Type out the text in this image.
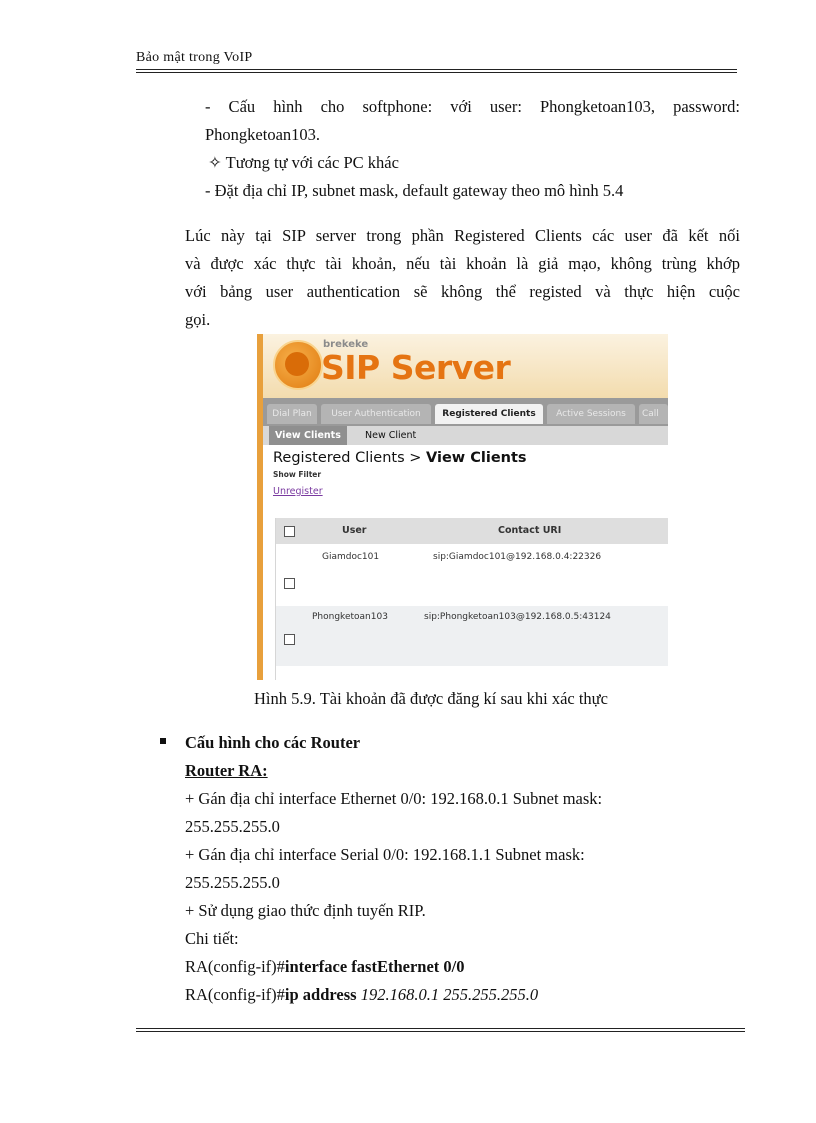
Bảo mật trong VoIP

- Cấu hình cho softphone: với user: Phongketoan103, password:

Phongketoan103.

✧ Tương tự với các PC khác

- Đặt địa chỉ IP, subnet mask, default gateway theo mô hình 5.4

Lúc này tại SIP server trong phần Registered Clients các user đã kết nối

và được xác thực tài khoản, nếu tài khoản là giả mạo, không trùng khớp

với bảng user authentication sẽ không thể registed và thực hiện cuộc

gọi.

brekeke
SIP Server
Dial Plan	User Authentication	Registered Clients	Active Sessions	Call
View Clients	New Client
Registered Clients > View Clients
Show Filter
Unregister
User	Contact URI
Giamdoc101	sip:Giamdoc101@192.168.0.4:22326
Phongketoan103	sip:Phongketoan103@192.168.0.5:43124

Hình 5.9. Tài khoản đã được đăng kí sau khi xác thực

Cấu hình cho các Router

Router RA:

+ Gán địa chỉ interface Ethernet 0/0: 192.168.0.1 Subnet mask:

255.255.255.0

+ Gán địa chỉ interface Serial 0/0: 192.168.1.1 Subnet mask:

255.255.255.0

+ Sử dụng giao thức định tuyến RIP.

Chi tiết:

RA(config-if)#interface fastEthernet 0/0

RA(config-if)#ip address 192.168.0.1 255.255.255.0
